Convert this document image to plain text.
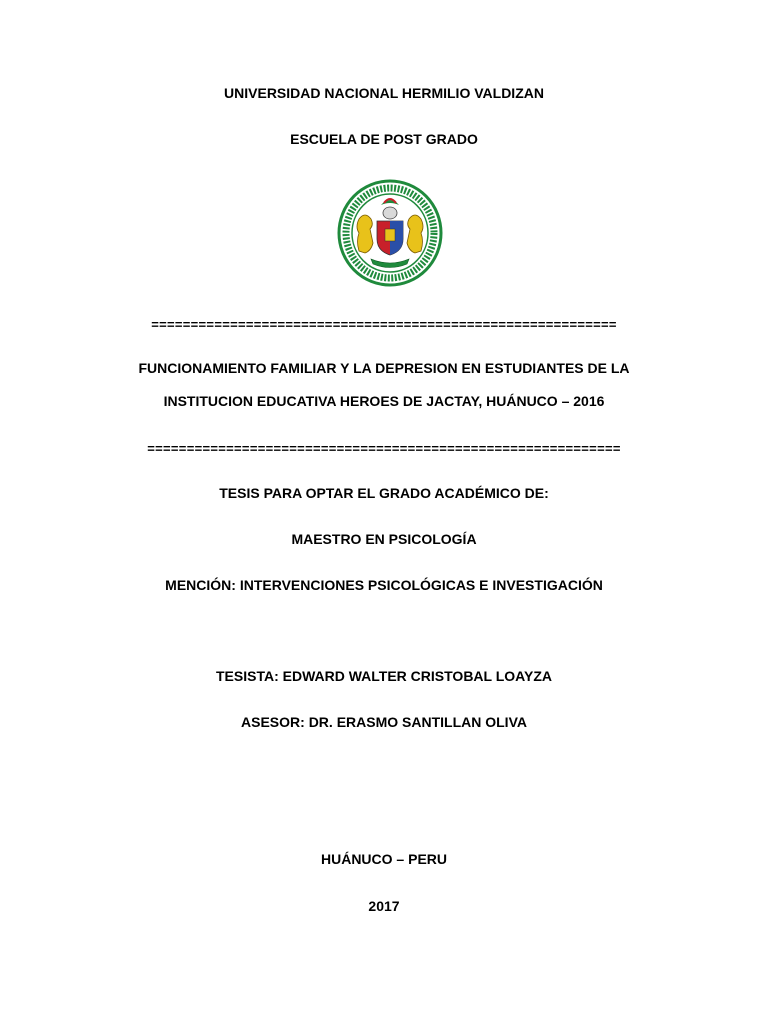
UNIVERSIDAD NACIONAL HERMILIO VALDIZAN
ESCUELA DE POST GRADO
===========================================================
FUNCIONAMIENTO FAMILIAR Y LA DEPRESION EN ESTUDIANTES DE LA
INSTITUCION EDUCATIVA HEROES DE JACTAY, HUÁNUCO – 2016
============================================================
TESIS PARA OPTAR EL GRADO ACADÉMICO DE:
MAESTRO EN PSICOLOGÍA
MENCIÓN: INTERVENCIONES PSICOLÓGICAS E INVESTIGACIÓN
TESISTA: EDWARD WALTER CRISTOBAL LOAYZA
ASESOR: DR. ERASMO SANTILLAN OLIVA
HUÁNUCO – PERU
2017
